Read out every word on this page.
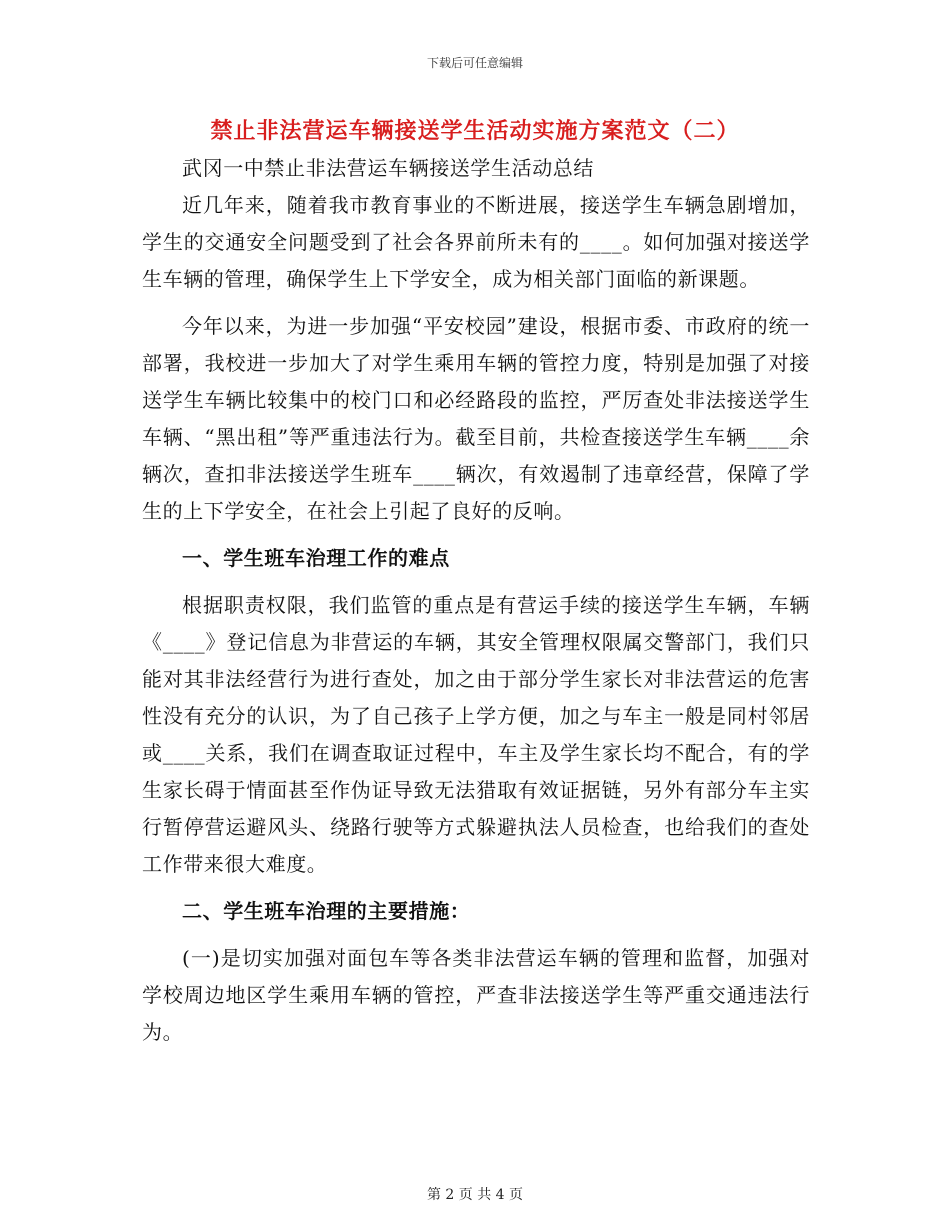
下载后可任意编辑
禁止非法营运车辆接送学生活动实施方案范文（二）

武冈一中禁止非法营运车辆接送学生活动总结

近几年来，随着我市教育事业的不断进展，接送学生车辆急剧增加，学生的交通安全问题受到了社会各界前所未有的____。如何加强对接送学生车辆的管理，确保学生上下学安全，成为相关部门面临的新课题。

今年以来，为进一步加强“平安校园”建设，根据市委、市政府的统一部署，我校进一步加大了对学生乘用车辆的管控力度，特别是加强了对接送学生车辆比较集中的校门口和必经路段的监控，严厉查处非法接送学生车辆、“黑出租”等严重违法行为。截至目前，共检查接送学生车辆____余辆次，查扣非法接送学生班车____辆次，有效遏制了违章经营，保障了学生的上下学安全，在社会上引起了良好的反响。

一、学生班车治理工作的难点

根据职责权限，我们监管的重点是有营运手续的接送学生车辆，车辆《____》登记信息为非营运的车辆，其安全管理权限属交警部门，我们只能对其非法经营行为进行查处，加之由于部分学生家长对非法营运的危害性没有充分的认识，为了自己孩子上学方便，加之与车主一般是同村邻居或____关系，我们在调查取证过程中，车主及学生家长均不配合，有的学生家长碍于情面甚至作伪证导致无法猎取有效证据链，另外有部分车主实行暂停营运避风头、绕路行驶等方式躲避执法人员检查，也给我们的查处工作带来很大难度。

二、学生班车治理的主要措施：

(一)是切实加强对面包车等各类非法营运车辆的管理和监督，加强对学校周边地区学生乘用车辆的管控，严查非法接送学生等严重交通违法行为。

第 2 页 共 4 页
